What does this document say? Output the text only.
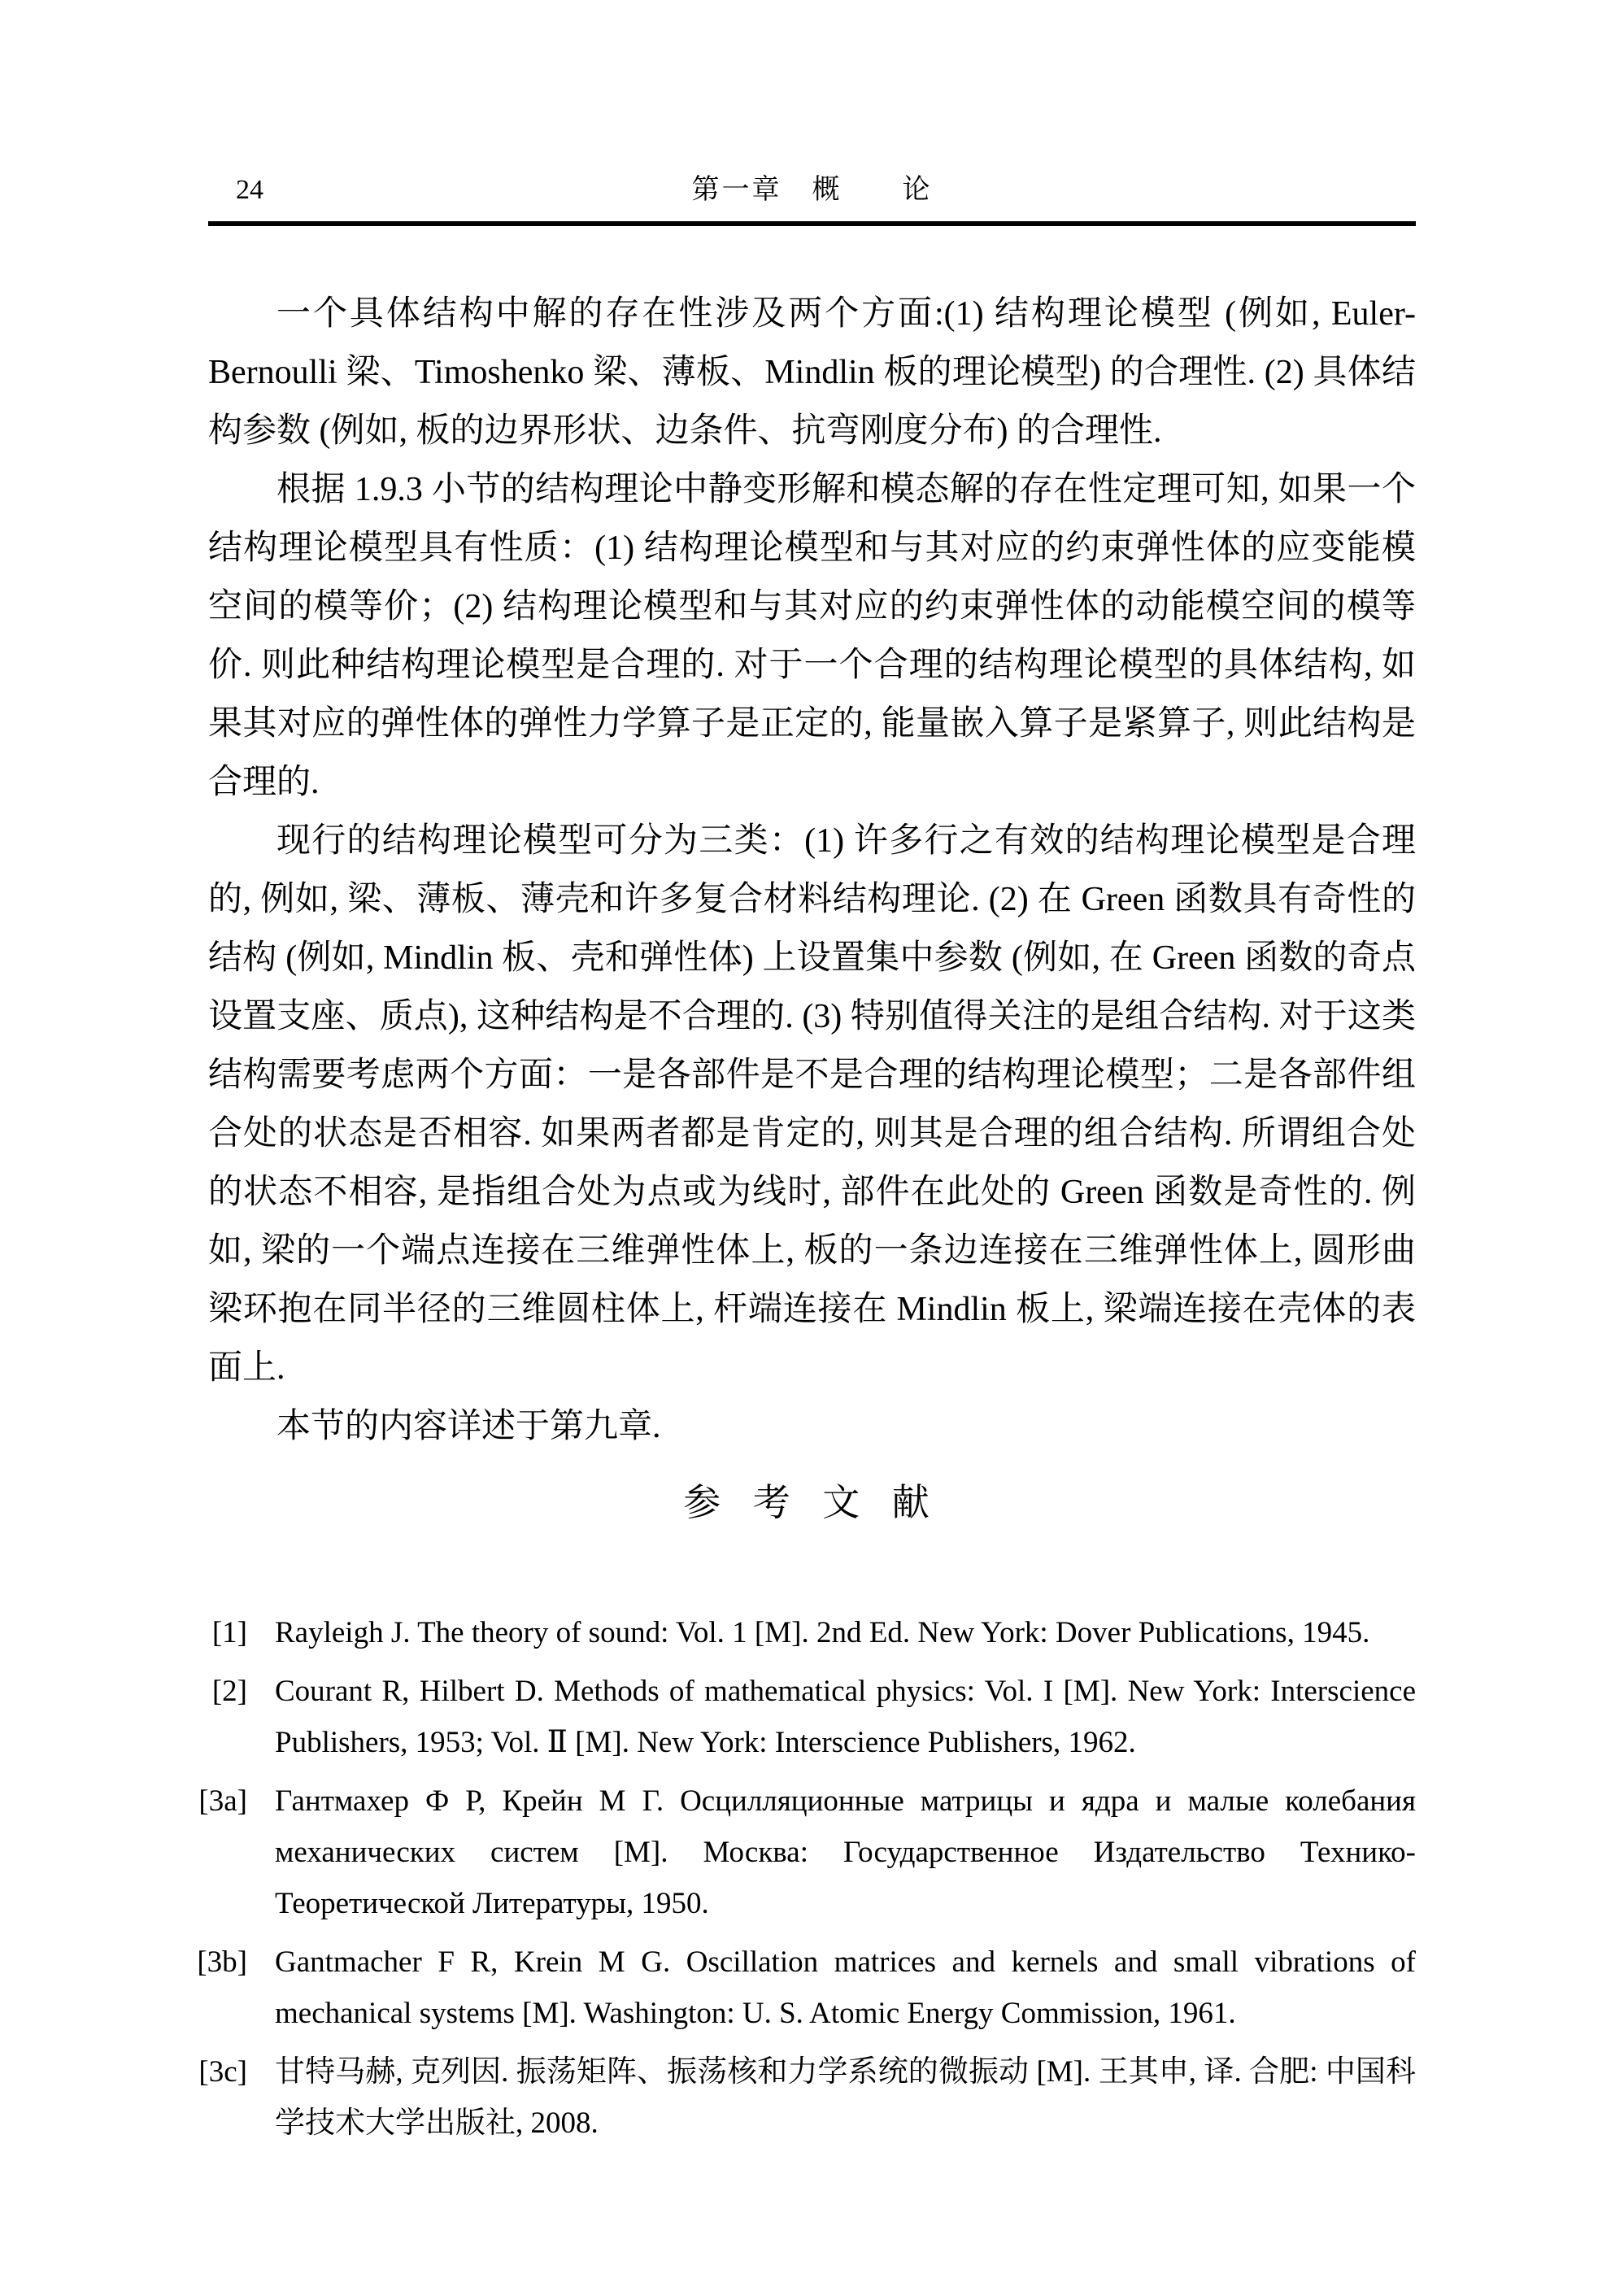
24	第一章　概　　论

一个具体结构中解的存在性涉及两个方面:(1) 结构理论模型 (例如, Euler-Bernoulli 梁、Timoshenko 梁、薄板、Mindlin 板的理论模型) 的合理性. (2) 具体结构参数 (例如, 板的边界形状、边条件、抗弯刚度分布) 的合理性.

根据 1.9.3 小节的结构理论中静变形解和模态解的存在性定理可知, 如果一个结构理论模型具有性质：(1) 结构理论模型和与其对应的约束弹性体的应变能模空间的模等价；(2) 结构理论模型和与其对应的约束弹性体的动能模空间的模等价. 则此种结构理论模型是合理的. 对于一个合理的结构理论模型的具体结构, 如果其对应的弹性体的弹性力学算子是正定的, 能量嵌入算子是紧算子, 则此结构是合理的.

现行的结构理论模型可分为三类：(1) 许多行之有效的结构理论模型是合理的, 例如, 梁、薄板、薄壳和许多复合材料结构理论. (2) 在 Green 函数具有奇性的结构 (例如, Mindlin 板、壳和弹性体) 上设置集中参数 (例如, 在 Green 函数的奇点设置支座、质点), 这种结构是不合理的. (3) 特别值得关注的是组合结构. 对于这类结构需要考虑两个方面：一是各部件是不是合理的结构理论模型；二是各部件组合处的状态是否相容. 如果两者都是肯定的, 则其是合理的组合结构. 所谓组合处的状态不相容, 是指组合处为点或为线时, 部件在此处的 Green 函数是奇性的. 例如, 梁的一个端点连接在三维弹性体上, 板的一条边连接在三维弹性体上, 圆形曲梁环抱在同半径的三维圆柱体上, 杆端连接在 Mindlin 板上, 梁端连接在壳体的表面上.

本节的内容详述于第九章.

参 考 文 献
[1] Rayleigh J. The theory of sound: Vol. 1 [M]. 2nd Ed. New York: Dover Publications, 1945.
[2] Courant R, Hilbert D. Methods of mathematical physics: Vol. I [M]. New York: Interscience Publishers, 1953; Vol. Ⅱ [M]. New York: Interscience Publishers, 1962.
[3a] Гантмахер Ф Р, Крейн М Г. Осцилляционные матрицы и ядра и малые колебания механических систем [M]. Москва: Государственное Издательство Технико-Теоретической Литературы, 1950.
[3b] Gantmacher F R, Krein M G. Oscillation matrices and kernels and small vibrations of mechanical systems [M]. Washington: U. S. Atomic Energy Commission, 1961.
[3c] 甘特马赫, 克列因. 振荡矩阵、振荡核和力学系统的微振动 [M]. 王其申, 译. 合肥: 中国科学技术大学出版社, 2008.
